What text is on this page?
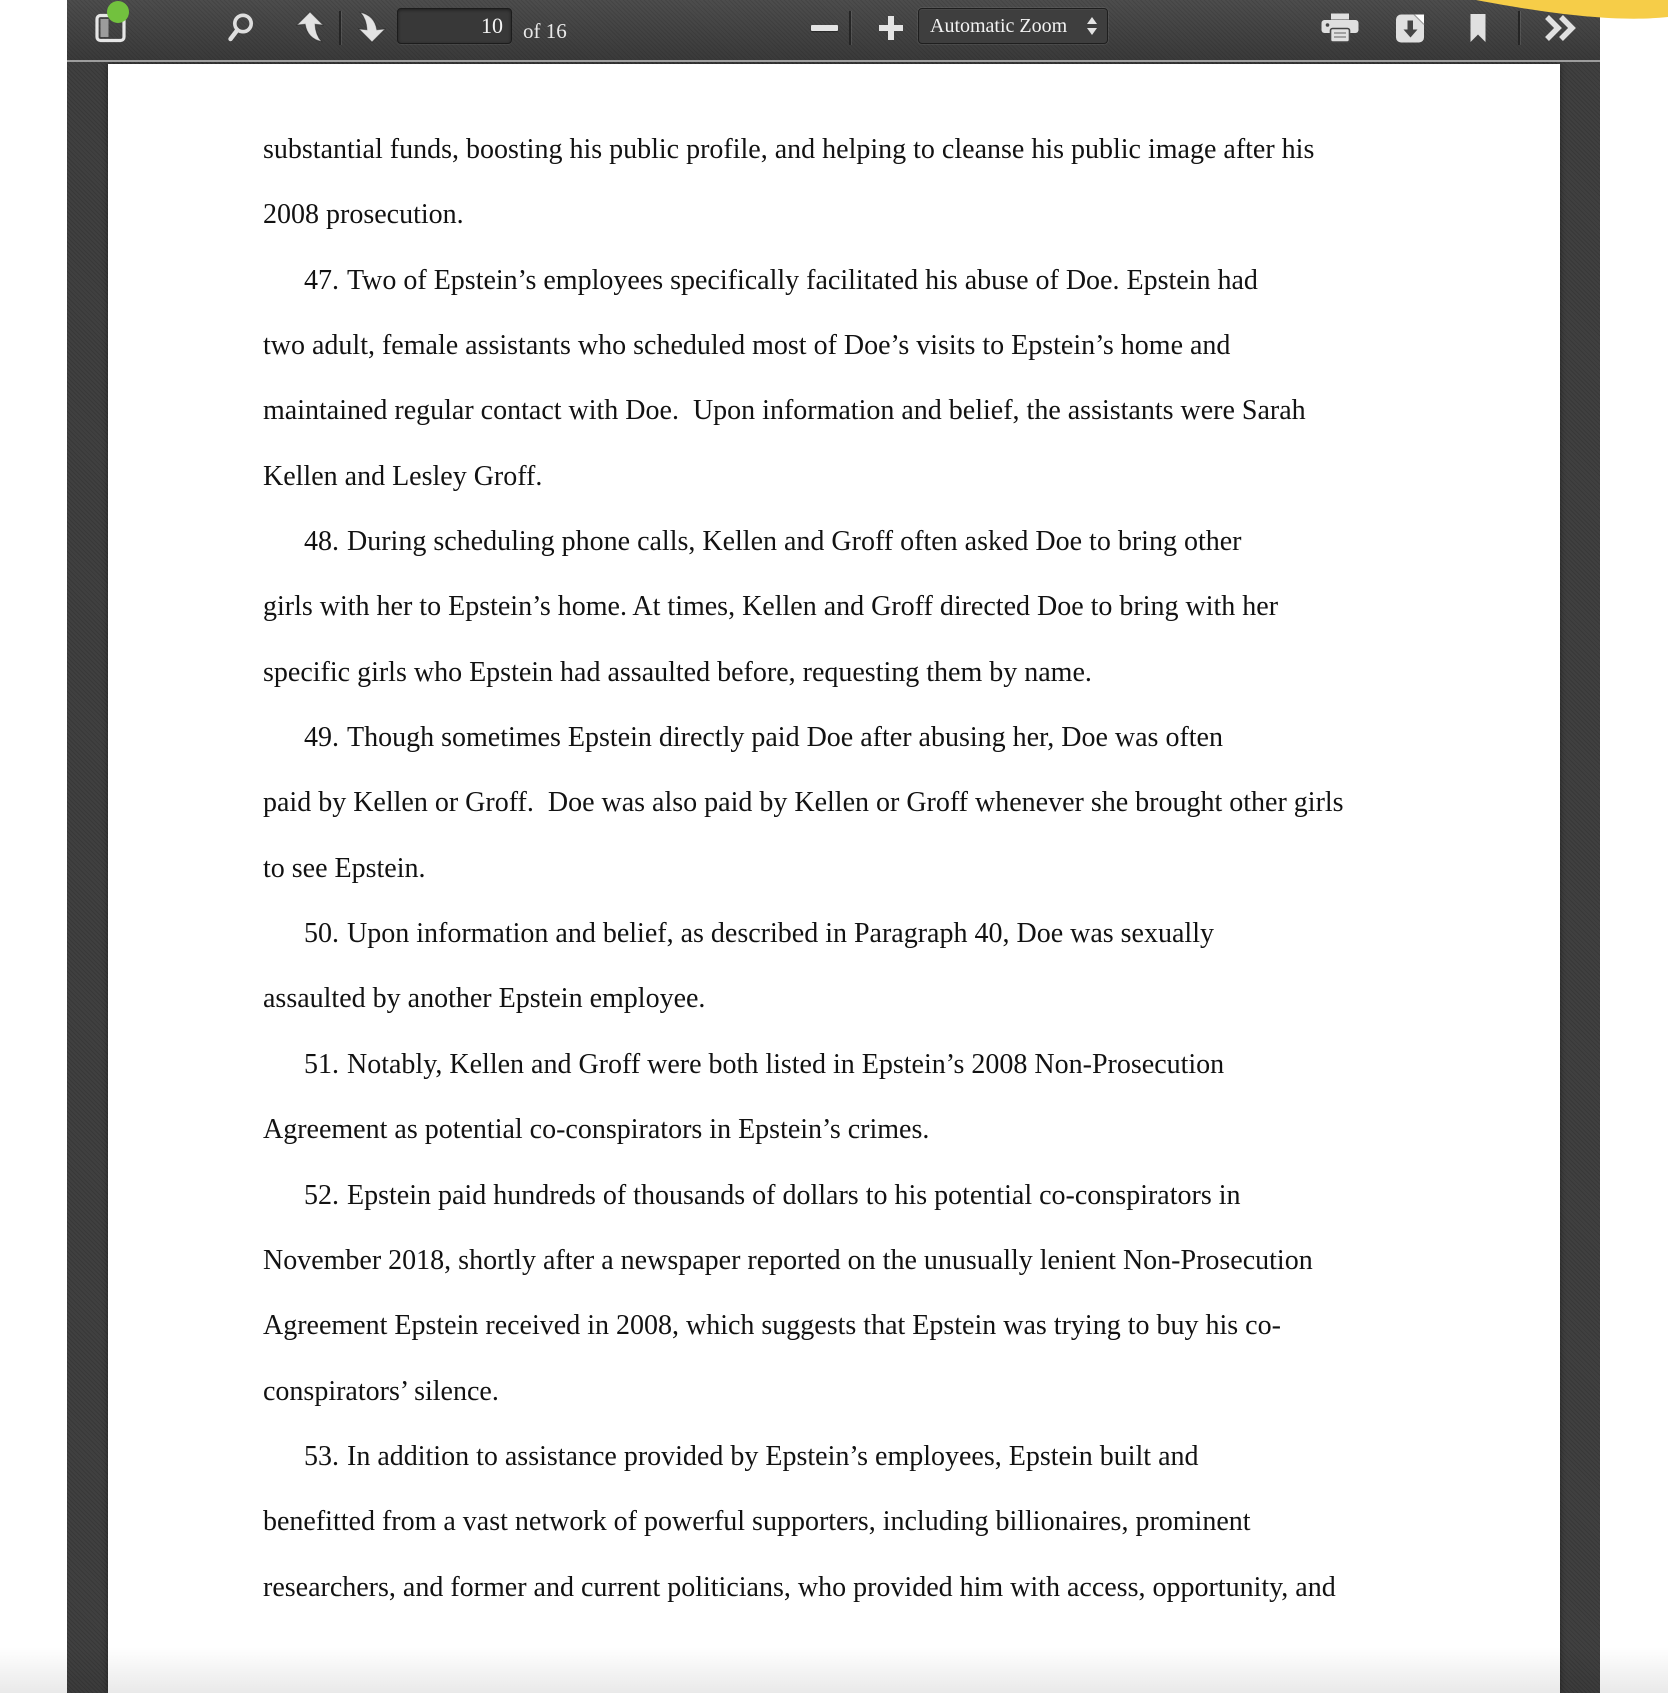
substantial funds, boosting his public profile, and helping to cleanse his public image after his
2008 prosecution.
47. Two of Epstein’s employees specifically facilitated his abuse of Doe. Epstein had
two adult, female assistants who scheduled most of Doe’s visits to Epstein’s home and
maintained regular contact with Doe.  Upon information and belief, the assistants were Sarah
Kellen and Lesley Groff.
48. During scheduling phone calls, Kellen and Groff often asked Doe to bring other
girls with her to Epstein’s home. At times, Kellen and Groff directed Doe to bring with her
specific girls who Epstein had assaulted before, requesting them by name.
49. Though sometimes Epstein directly paid Doe after abusing her, Doe was often
paid by Kellen or Groff.  Doe was also paid by Kellen or Groff whenever she brought other girls
to see Epstein.
50. Upon information and belief, as described in Paragraph 40, Doe was sexually
assaulted by another Epstein employee.
51. Notably, Kellen and Groff were both listed in Epstein’s 2008 Non-Prosecution
Agreement as potential co-conspirators in Epstein’s crimes.
52. Epstein paid hundreds of thousands of dollars to his potential co-conspirators in
November 2018, shortly after a newspaper reported on the unusually lenient Non-Prosecution
Agreement Epstein received in 2008, which suggests that Epstein was trying to buy his co-
conspirators’ silence.
53. In addition to assistance provided by Epstein’s employees, Epstein built and
benefitted from a vast network of powerful supporters, including billionaires, prominent
researchers, and former and current politicians, who provided him with access, opportunity, and
10
of 16	Automatic Zoom
